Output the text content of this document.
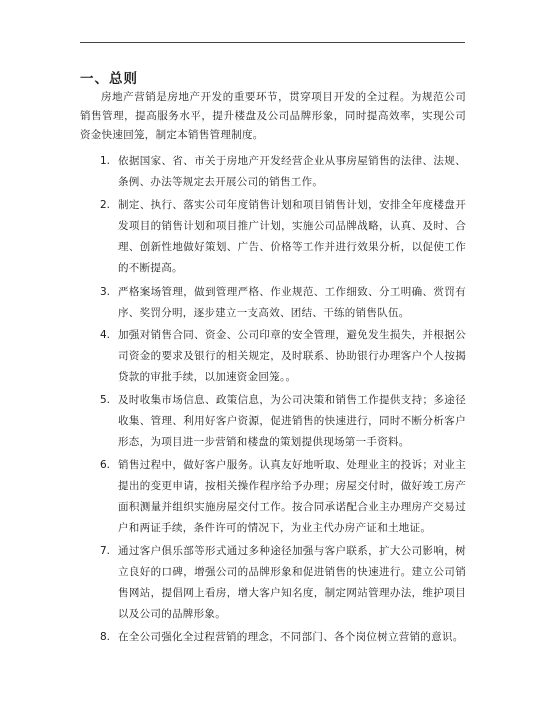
一、总则
房地产营销是房地产开发的重要环节，贯穿项目开发的全过程。为规范公司销售管理，提高服务水平，提升楼盘及公司品牌形象，同时提高效率，实现公司资金快速回笼，制定本销售管理制度。
1. 依据国家、省、市关于房地产开发经营企业从事房屋销售的法律、法规、条例、办法等规定去开展公司的销售工作。
2. 制定、执行、落实公司年度销售计划和项目销售计划，安排全年度楼盘开发项目的销售计划和项目推广计划，实施公司品牌战略，认真、及时、合理、创新性地做好策划、广告、价格等工作并进行效果分析，以促使工作的不断提高。
3. 严格案场管理，做到管理严格、作业规范、工作细致、分工明确、赏罚有序、奖罚分明，逐步建立一支高效、团结、干练的销售队伍。
4. 加强对销售合同、资金、公司印章的安全管理，避免发生损失，并根据公司资金的要求及银行的相关规定，及时联系、协助银行办理客户个人按揭贷款的审批手续，以加速资金回笼。。
5. 及时收集市场信息、政策信息，为公司决策和销售工作提供支持；多途径收集、管理、利用好客户资源，促进销售的快速进行，同时不断分析客户形态，为项目进一步营销和楼盘的策划提供现场第一手资料。
6. 销售过程中，做好客户服务。认真友好地听取、处理业主的投诉；对业主提出的变更申请，按相关操作程序给予办理；房屋交付时，做好竣工房产面积测量并组织实施房屋交付工作。按合同承诺配合业主办理房产交易过户和两证手续，条件许可的情况下，为业主代办房产证和土地证。
7. 通过客户俱乐部等形式通过多种途径加强与客户联系，扩大公司影响，树立良好的口碑，增强公司的品牌形象和促进销售的快速进行。建立公司销售网站，提倡网上看房，增大客户知名度，制定网站管理办法，维护项目以及公司的品牌形象。
8. 在全公司强化全过程营销的理念，不同部门、各个岗位树立营销的意识。
